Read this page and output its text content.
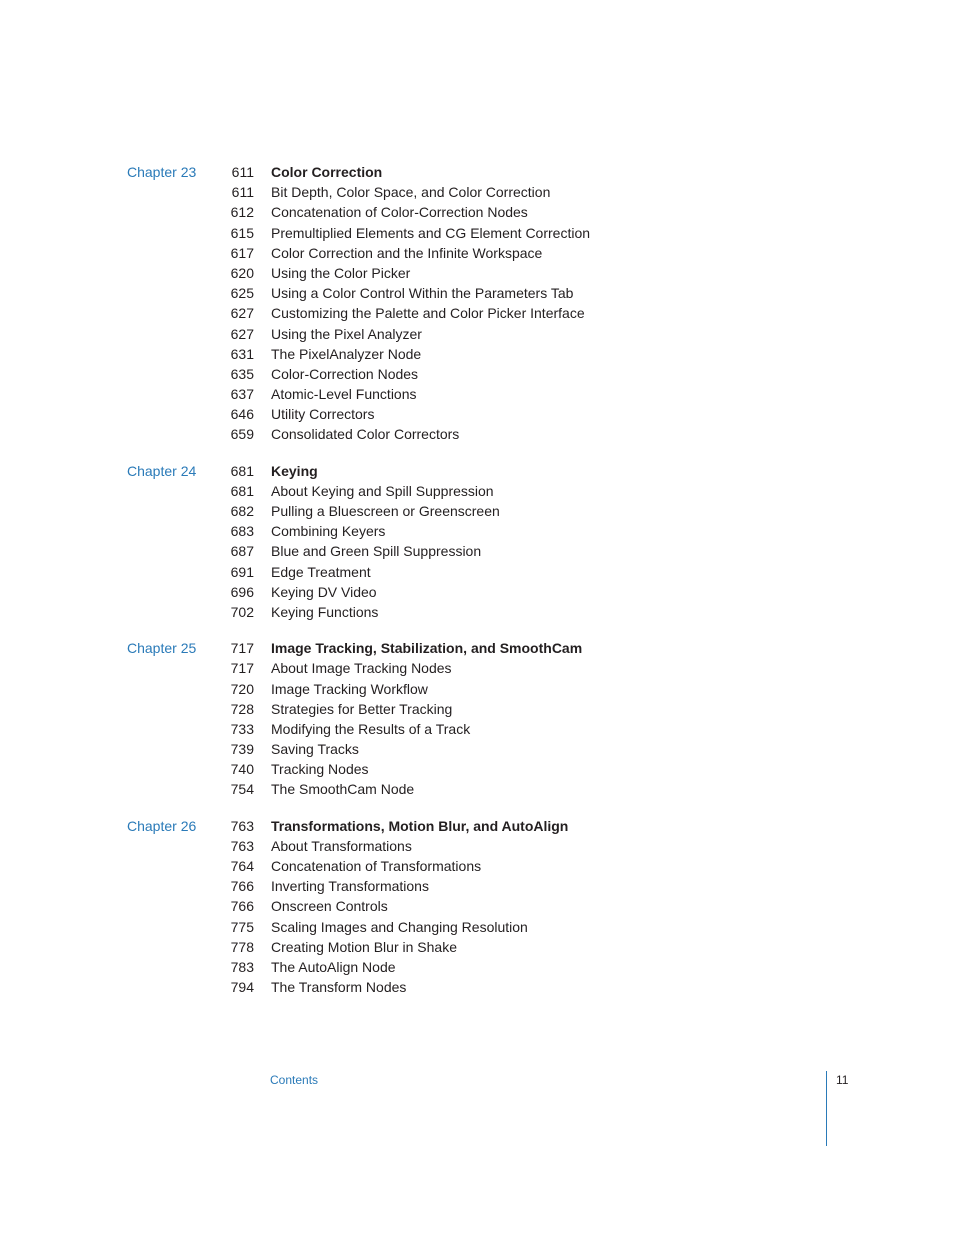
Chapter 23	611 Color Correction
611 Bit Depth, Color Space, and Color Correction
612 Concatenation of Color-Correction Nodes
615 Premultiplied Elements and CG Element Correction
617 Color Correction and the Infinite Workspace
620 Using the Color Picker
625 Using a Color Control Within the Parameters Tab
627 Customizing the Palette and Color Picker Interface
627 Using the Pixel Analyzer
631 The PixelAnalyzer Node
635 Color-Correction Nodes
637 Atomic-Level Functions
646 Utility Correctors
659 Consolidated Color Correctors
Chapter 24	681 Keying
681 About Keying and Spill Suppression
682 Pulling a Bluescreen or Greenscreen
683 Combining Keyers
687 Blue and Green Spill Suppression
691 Edge Treatment
696 Keying DV Video
702 Keying Functions
Chapter 25	717 Image Tracking, Stabilization, and SmoothCam
717 About Image Tracking Nodes
720 Image Tracking Workflow
728 Strategies for Better Tracking
733 Modifying the Results of a Track
739 Saving Tracks
740 Tracking Nodes
754 The SmoothCam Node
Chapter 26	763 Transformations, Motion Blur, and AutoAlign
763 About Transformations
764 Concatenation of Transformations
766 Inverting Transformations
766 Onscreen Controls
775 Scaling Images and Changing Resolution
778 Creating Motion Blur in Shake
783 The AutoAlign Node
794 The Transform Nodes
Contents	11
